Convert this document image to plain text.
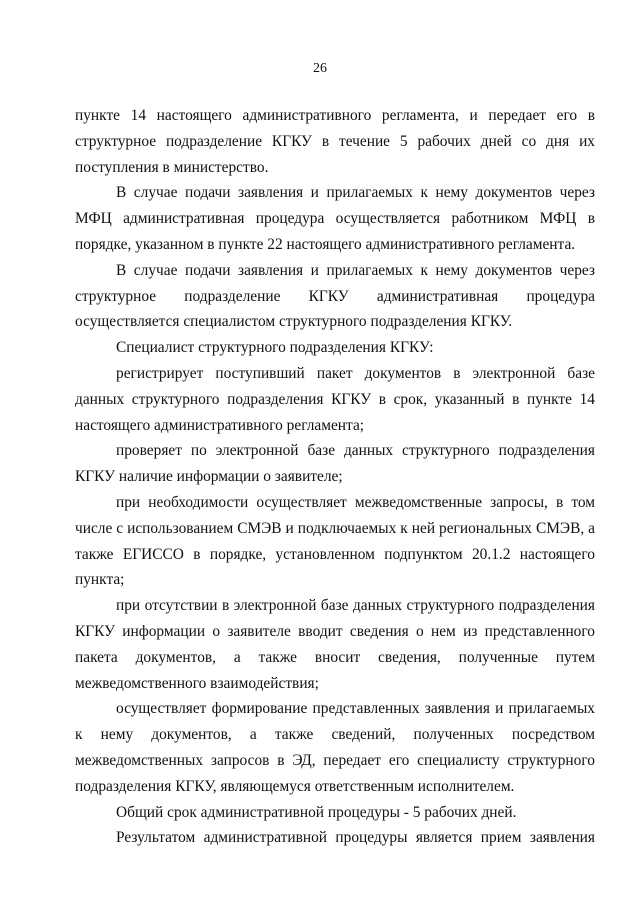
26

пункте 14 настоящего административного регламента, и передает его в структурное подразделение КГКУ в течение 5 рабочих дней со дня их поступления в министерство.

В случае подачи заявления и прилагаемых к нему документов через МФЦ административная процедура осуществляется работником МФЦ в порядке, указанном в пункте 22 настоящего административного регламента.

В случае подачи заявления и прилагаемых к нему документов через структурное подразделение КГКУ административная процедура осуществляется специалистом структурного подразделения КГКУ.

Специалист структурного подразделения КГКУ:

регистрирует поступивший пакет документов в электронной базе данных структурного подразделения КГКУ в срок, указанный в пункте 14 настоящего административного регламента;

проверяет по электронной базе данных структурного подразделения КГКУ наличие информации о заявителе;

при необходимости осуществляет межведомственные запросы, в том числе с использованием СМЭВ и подключаемых к ней региональных СМЭВ, а также ЕГИССО в порядке, установленном подпунктом 20.1.2 настоящего пункта;

при отсутствии в электронной базе данных структурного подразделения КГКУ информации о заявителе вводит сведения о нем из представленного пакета документов, а также вносит сведения, полученные путем межведомственного взаимодействия;

осуществляет формирование представленных заявления и прилагаемых к нему документов, а также сведений, полученных посредством межведомственных запросов в ЭД, передает его специалисту структурного подразделения КГКУ, являющемуся ответственным исполнителем.

Общий срок административной процедуры - 5 рабочих дней.

Результатом административной процедуры является прием заявления
